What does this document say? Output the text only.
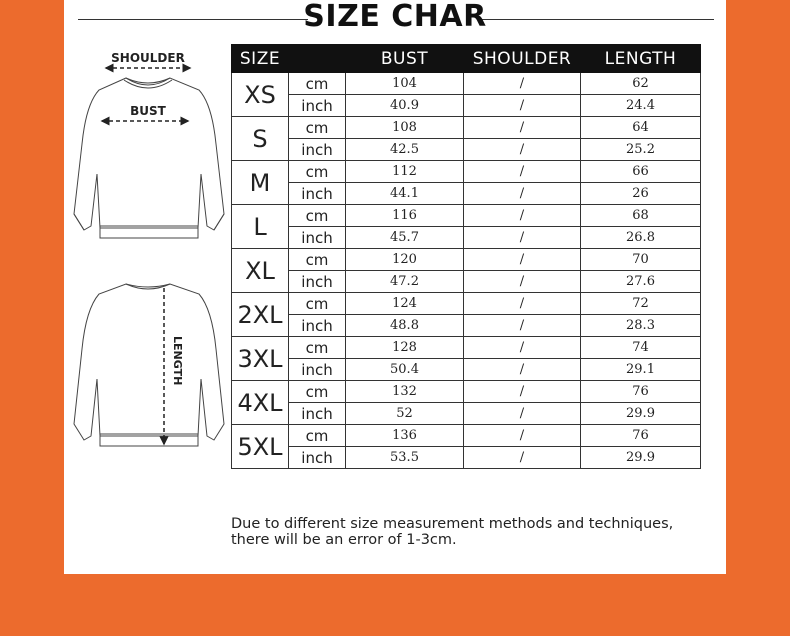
SIZE CHAR
SHOULDER
BUST
LENGTH
SIZE		BUST	SHOULDER	LENGTH
XS	cm	104	/	62
	inch	40.9	/	24.4
S	cm	108	/	64
	inch	42.5	/	25.2
M	cm	112	/	66
	inch	44.1	/	26
L	cm	116	/	68
	inch	45.7	/	26.8
XL	cm	120	/	70
	inch	47.2	/	27.6
2XL	cm	124	/	72
	inch	48.8	/	28.3
3XL	cm	128	/	74
	inch	50.4	/	29.1
4XL	cm	132	/	76
	inch	52	/	29.9
5XL	cm	136	/	76
	inch	53.5	/	29.9
Due to different size measurement methods and techniques, there will be an error of 1-3cm.
